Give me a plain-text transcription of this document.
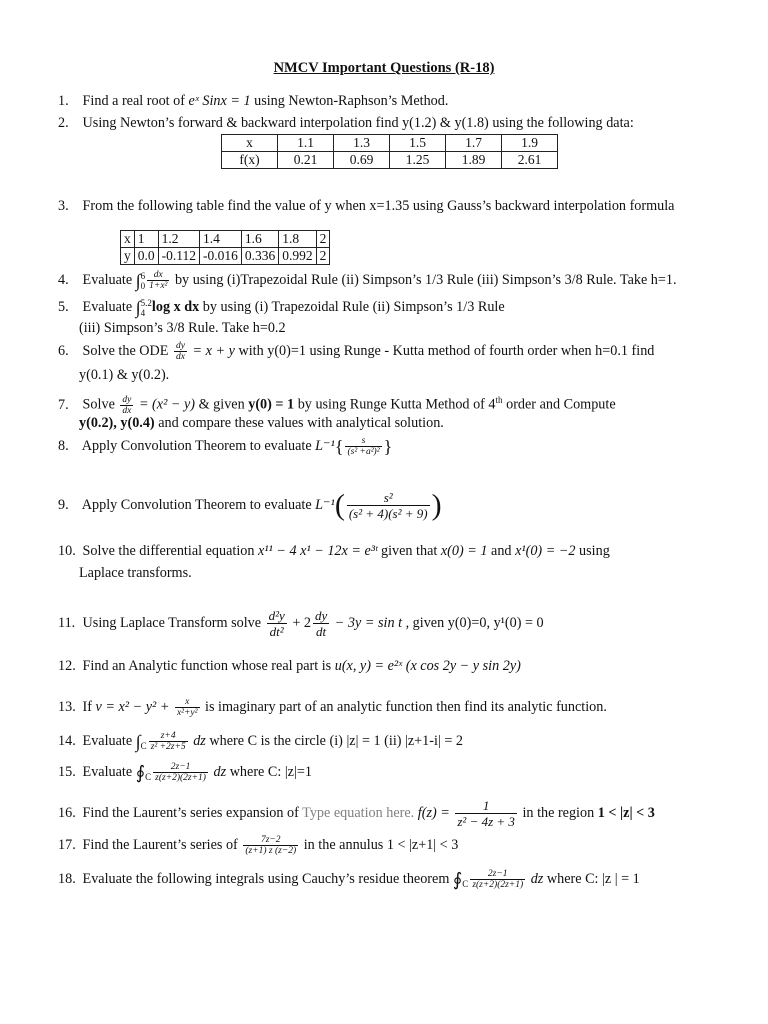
NMCV Important Questions (R-18)
1. Find a real root of eˣ Sinx = 1 using Newton-Raphson’s Method.
2. Using Newton’s forward & backward interpolation find y(1.2) & y(1.8) using the following data:
x	1.1	1.3	1.5	1.7	1.9
f(x)	0.21	0.69	1.25	1.89	2.61
3. From the following table find the value of y when x=1.35 using Gauss’s backward interpolation formula
x	1	1.2	1.4	1.6	1.8	2
y	0.0	-0.112	-0.016	0.336	0.992	2
4. Evaluate ∫ 6
$0 \frac{dx}{\text{1+x²}}$ by using (i)Trapezoidal Rule (ii) Simpson’s 1/3 Rule (iii) Simpson’s 3/8 Rule. Take h=1.
5. Evaluate ∫ 5.2
4 log x dx by using (i) Trapezoidal Rule (ii) Simpson’s 1/3 Rule
(iii) Simpson’s 3/8 Rule. Take h=0.2
6. Solve the ODE $\frac{dy}{dx} = x + y$ with y(0)=1 using Runge - Kutta method of fourth order when h=0.1 find
y(0.1) & y(0.2).
7. Solve $\frac{dy}{dx} = (x^2 - y)$ & given y(0) = 1 by using Runge Kutta Method of 4th order and Compute
y(0.2), y(0.4) and compare these values with analytical solution.
8. Apply Convolution Theorem to evaluate $L^{-1}\{ \frac{s}{\text{(s² +a²)²}}$ }
9. Apply Convolution Theorem to evaluate $L^{-1}( \frac{\text{s²}}{\text{(s² + 4)(s² + 9)}}$ )
10. Solve the differential equation x¹¹ − 4 x¹ − 12x = e³ᵗ given that x(0) = 1 and x¹(0) = −2 using
Laplace transforms.
11. Using Laplace Transform solve $\frac{\text{d²y}}{\text{dt²}} + 2 \frac{dy}{dt} - 3y = \sin t$ , given y(0)=0, y¹(0) = 0
12. Find an Analytic function whose real part is u(x, y) = e²ˣ (x cos 2y − y sin 2y)
13. If $v = x^2 - y^2 + \frac{x}{\text{x²+y²}}$ is imaginary part of an analytic function then find its analytic function.
14. Evaluate $\int_C \frac{z+4}{\text{z² +2z+5}}$ dz where C is the circle (i) |z| = 1 (ii) |z+1-i| = 2
15. Evaluate $∮_C \frac{2z-1}{z(z+2)(2z+1)}$ dz where C: |z|=1
16. Find the Laurent’s series expansion of Type equation here. $f(z) = \frac{1}{\text{z² − 4z + 3}}$ in the region 1 < |z| < 3
17. Find the Laurent’s series of $\frac{7z-2}{(z+1) z (z-2)}$ in the annulus 1 < |z+1| < 3
18. Evaluate the following integrals using Cauchy’s residue theorem $∮_C \frac{2z-1}{z(z+2)(2z+1)}$ dz where C: |z | = 1
